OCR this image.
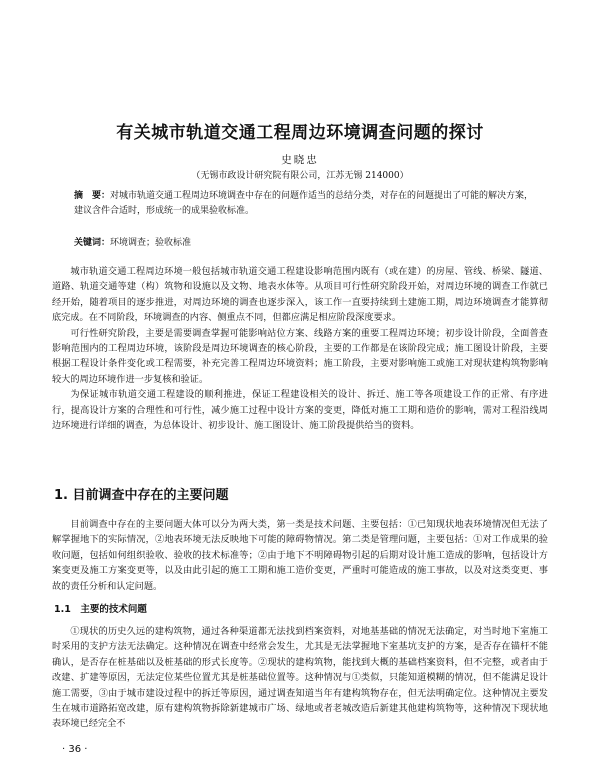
有关城市轨道交通工程周边环境调查问题的探讨
史晓忠
（无锡市政设计研究院有限公司，江苏无锡 214000）
摘　要：对城市轨道交通工程周边环境调查中存在的问题作适当的总结分类，对存在的问题提出了可能的解决方案，建议含件合适时，形成统一的成果验收标准。
关键词：环境调查；验收标准

城市轨道交通工程周边环境一般包括城市轨道交通工程建设影响范围内既有（或在建）的房屋、管线、桥梁、隧道、道路、轨道交通等建（构）筑物和设施以及文物、地表水体等。从项目可行性研究阶段开始，对周边环境的调查工作就已经开始，随着项目的逐步推进，对周边环境的调查也逐步深入，该工作一直要持续到土建施工期，周边环境调查才能算彻底完成。在不同阶段，环境调查的内容、侧重点不同，但都应满足相应阶段深度要求。

可行性研究阶段，主要是需要调查掌握可能影响站位方案、线路方案的重要工程周边环境；初步设计阶段，全面普查影响范围内的工程周边环境，该阶段是周边环境调查的核心阶段，主要的工作都是在该阶段完成；施工图设计阶段，主要根据工程设计条件变化或工程需要，补充完善工程周边环境资料；施工阶段，主要对影响施工或施工对现状建构筑物影响较大的周边环境作进一步复核和验证。

为保证城市轨道交通工程建设的顺利推进，保证工程建设相关的设计、拆迁、施工等各项建设工作的正常、有序进行，提高设计方案的合理性和可行性，减少施工过程中设计方案的变更，降低对施工工期和造价的影响，需对工程沿线周边环境进行详细的调查，为总体设计、初步设计、施工图设计、施工阶段提供给当的资料。

1. 目前调查中存在的主要问题

目前调查中存在的主要问题大体可以分为两大类，第一类是技术问题、主要包括：①已知现状地表环境情况但无法了解掌握地下的实际情况，②地表环境无法反映地下可能的障碍物情况。第二类是管理问题，主要包括：①对工作成果的验收问题，包括如何组织验收、验收的技术标准等；②由于地下不明障碍物引起的后期对设计施工造成的影响，包括设计方案变更及施工方案变更等，以及由此引起的施工工期和施工造价变更，严重时可能造成的施工事故，以及对这类变更、事故的责任分析和认定问题。

1.1　主要的技术问题

①现状的历史久远的建构筑物，通过各种渠道都无法找到档案资料，对地基基础的情况无法确定，对当时地下室施工时采用的支护方法无法确定。这种情况在调查中经常会发生，尤其是无法掌握地下室基坑支护的方案，是否存在锚杆不能确认，是否存在桩基础以及桩基础的形式长度等。②现状的建构筑物，能找到大概的基础档案资料，但不完整，或者由于改建、扩建等原因，无法定位某些位置尤其是桩基础位置等。这种情况与①类似，只能知道模糊的情况，但不能满足设计施工需要，③由于城市建设过程中的拆迁等原因，通过调查知道当年有建构筑物存在，但无法明确定位。这种情况主要发生在城市道路拓宽改建，原有建构筑物拆除新建城市广场、绿地或者老城改造后新建其他建构筑物等，这种情况下现状地表环境已经完全不

· 36 ·
